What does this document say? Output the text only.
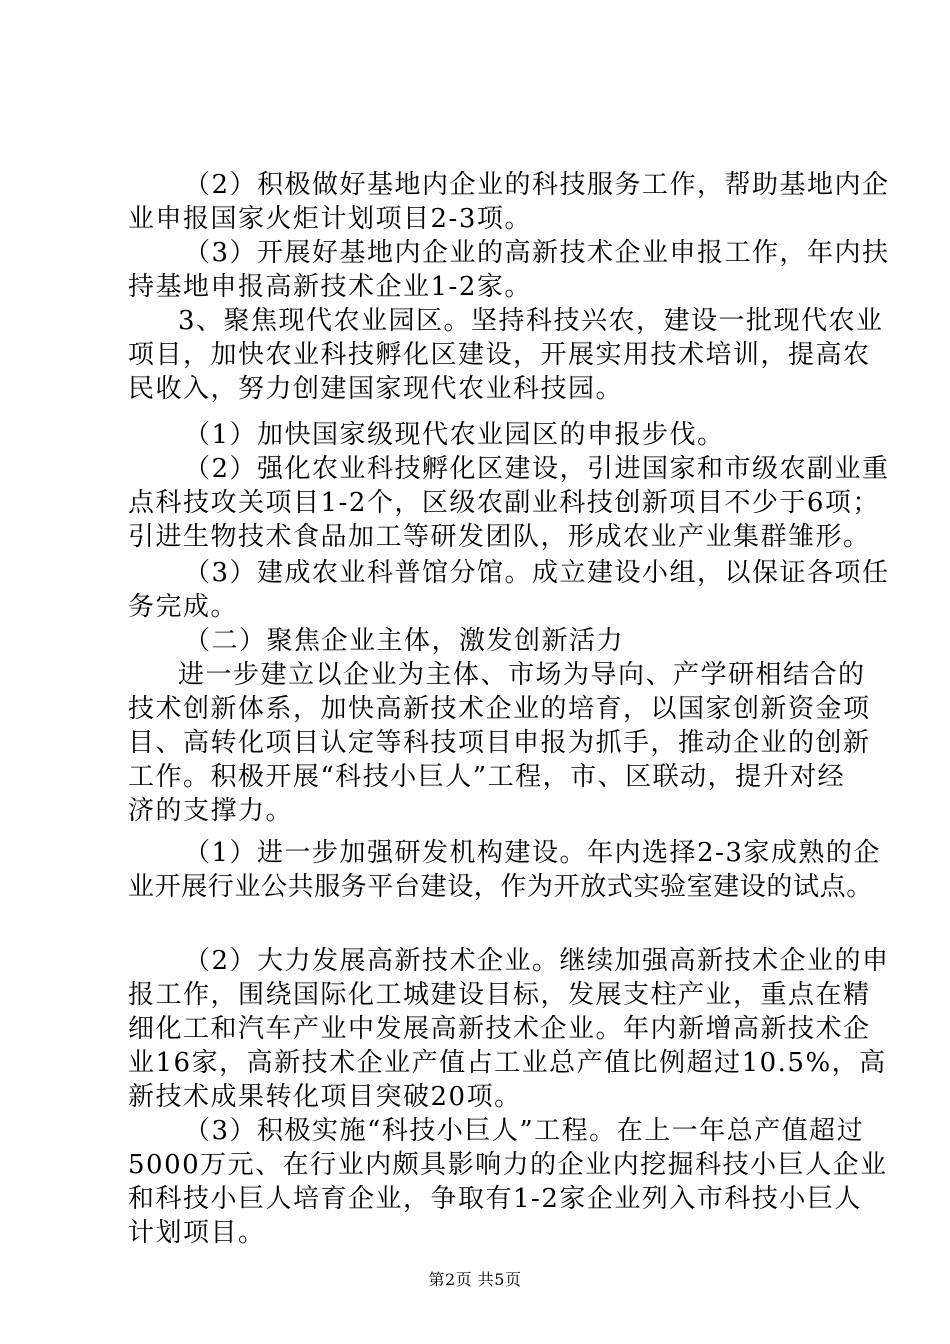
（2）积极做好基地内企业的科技服务工作，帮助基地内企
业申报国家火炬计划项目2-3项。
（3）开展好基地内企业的高新技术企业申报工作，年内扶
持基地申报高新技术企业1-2家。
3、聚焦现代农业园区。坚持科技兴农，建设一批现代农业
项目，加快农业科技孵化区建设，开展实用技术培训，提高农
民收入，努力创建国家现代农业科技园。
（1）加快国家级现代农业园区的申报步伐。
（2）强化农业科技孵化区建设，引进国家和市级农副业重
点科技攻关项目1-2个，区级农副业科技创新项目不少于6项；
引进生物技术食品加工等研发团队，形成农业产业集群雏形。
（3）建成农业科普馆分馆。成立建设小组，以保证各项任
务完成。
（二）聚焦企业主体，激发创新活力
进一步建立以企业为主体、市场为导向、产学研相结合的
技术创新体系，加快高新技术企业的培育，以国家创新资金项
目、高转化项目认定等科技项目申报为抓手，推动企业的创新
工作。积极开展“科技小巨人”工程，市、区联动，提升对经
济的支撑力。
（1）进一步加强研发机构建设。年内选择2-3家成熟的企
业开展行业公共服务平台建设，作为开放式实验室建设的试点。
（2）大力发展高新技术企业。继续加强高新技术企业的申
报工作，围绕国际化工城建设目标，发展支柱产业，重点在精
细化工和汽车产业中发展高新技术企业。年内新增高新技术企
业16家，高新技术企业产值占工业总产值比例超过10.5%，高
新技术成果转化项目突破20项。
（3）积极实施“科技小巨人”工程。在上一年总产值超过
5000万元、在行业内颇具影响力的企业内挖掘科技小巨人企业
和科技小巨人培育企业，争取有1-2家企业列入市科技小巨人
计划项目。
第2页 共5页
